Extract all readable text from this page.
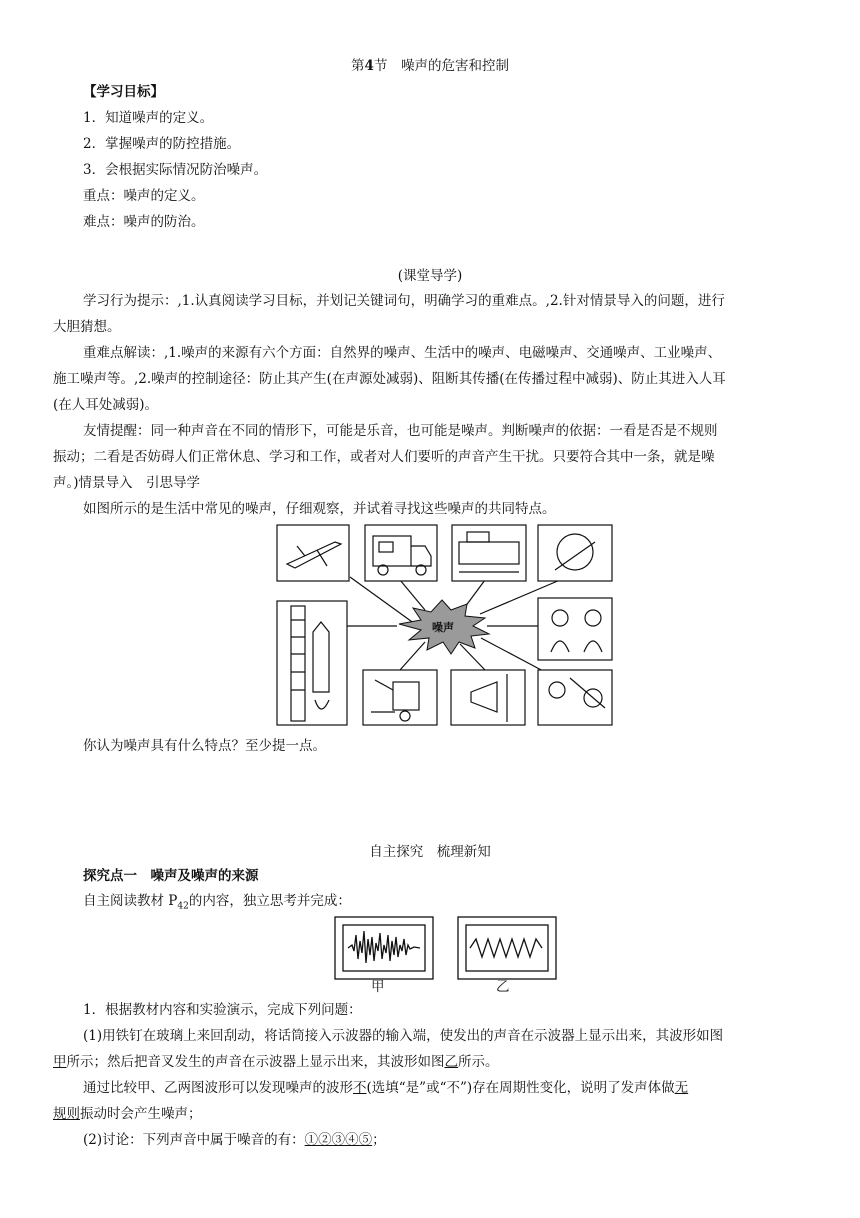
第4节　噪声的危害和控制
【学习目标】
1．知道噪声的定义。
2．掌握噪声的防控措施。
3．会根据实际情况防治噪声。
重点：噪声的定义。
难点：噪声的防治。
(课堂导学)
学习行为提示：,1.认真阅读学习目标，并划记关键词句，明确学习的重难点。,2.针对情景导入的问题，进行
大胆猜想。
重难点解读：,1.噪声的来源有六个方面：自然界的噪声、生活中的噪声、电磁噪声、交通噪声、工业噪声、
施工噪声等。,2.噪声的控制途径：防止其产生(在声源处减弱)、阻断其传播(在传播过程中减弱)、防止其进入人耳
(在人耳处减弱)。
友情提醒：同一种声音在不同的情形下，可能是乐音，也可能是噪声。判断噪声的依据：一看是否是不规则
振动；二看是否妨碍人们正常休息、学习和工作，或者对人们要听的声音产生干扰。只要符合其中一条，就是噪
声。)情景导入　引思导学
如图所示的是生活中常见的噪声，仔细观察，并试着寻找这些噪声的共同特点。
噪声
你认为噪声具有什么特点？至少提一点。
自主探究　梳理新知
探究点一　噪声及噪声的来源
自主阅读教材 $P_{42}$的内容，独立思考并完成：
甲	乙
1．根据教材内容和实验演示，完成下列问题：
(1)用铁钉在玻璃上来回刮动，将话筒接入示波器的输入端，使发出的声音在示波器上显示出来，其波形如图
甲所示；然后把音叉发生的声音在示波器上显示出来，其波形如图乙所示。
通过比较甲、乙两图波形可以发现噪声的波形不(选填“是”或“不”)存在周期性变化，说明了发声体做无
规则振动时会产生噪声；
(2)讨论：下列声音中属于噪音的有：①②③④⑤；
